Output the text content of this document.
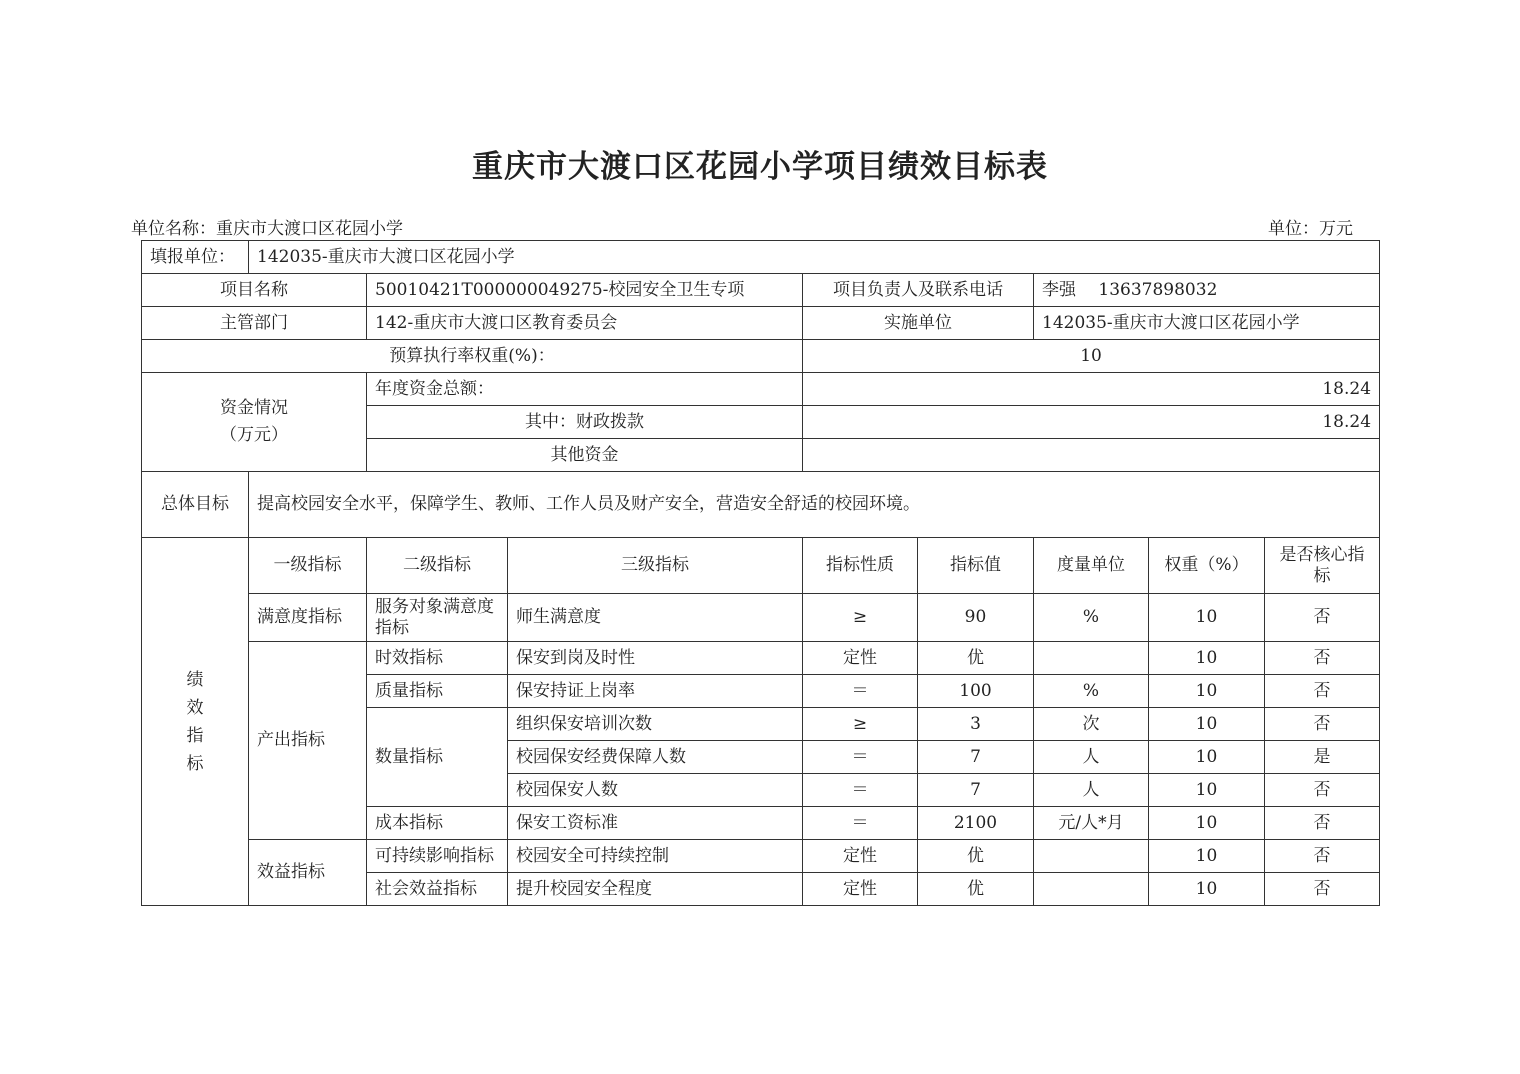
重庆市大渡口区花园小学项目绩效目标表
单位名称：重庆市大渡口区花园小学	单位：万元
填报单位：	142035-重庆市大渡口区花园小学							
项目名称		50010421T000000049275-校园安全卫生专项		项目负责人及联系电话		李强　 13637898032		
主管部门		142-重庆市大渡口区教育委员会		实施单位		142035-重庆市大渡口区花园小学		
预算执行率权重(%)：				10				

资金情况
（万元）		年度资金总额：		18.24				
		其中：财政拨款		18.24				
		其他资金						
总体目标	提高校园安全水平，保障学生、教师、工作人员及财产安全，营造安全舒适的校园环境。							

绩
效
指
标	一级指标	二级指标	三级指标	指标性质	指标值	度量单位	权重（%）	是否核心指标
	满意度指标	服务对象满意度指标	师生满意度	≥	90	%	10	否
	产出指标	时效指标	保安到岗及时性	定性	优		10	否
		质量指标	保安持证上岗率	＝	100	%	10	否
		数量指标	组织保安培训次数	≥	3	次	10	否
			校园保安经费保障人数	＝	7	人	10	是
			校园保安人数	＝	7	人	10	否
		成本指标	保安工资标准	＝	2100	元/人*月	10	否
	效益指标	可持续影响指标	校园安全可持续控制	定性	优		10	否
		社会效益指标	提升校园安全程度	定性	优		10	否
